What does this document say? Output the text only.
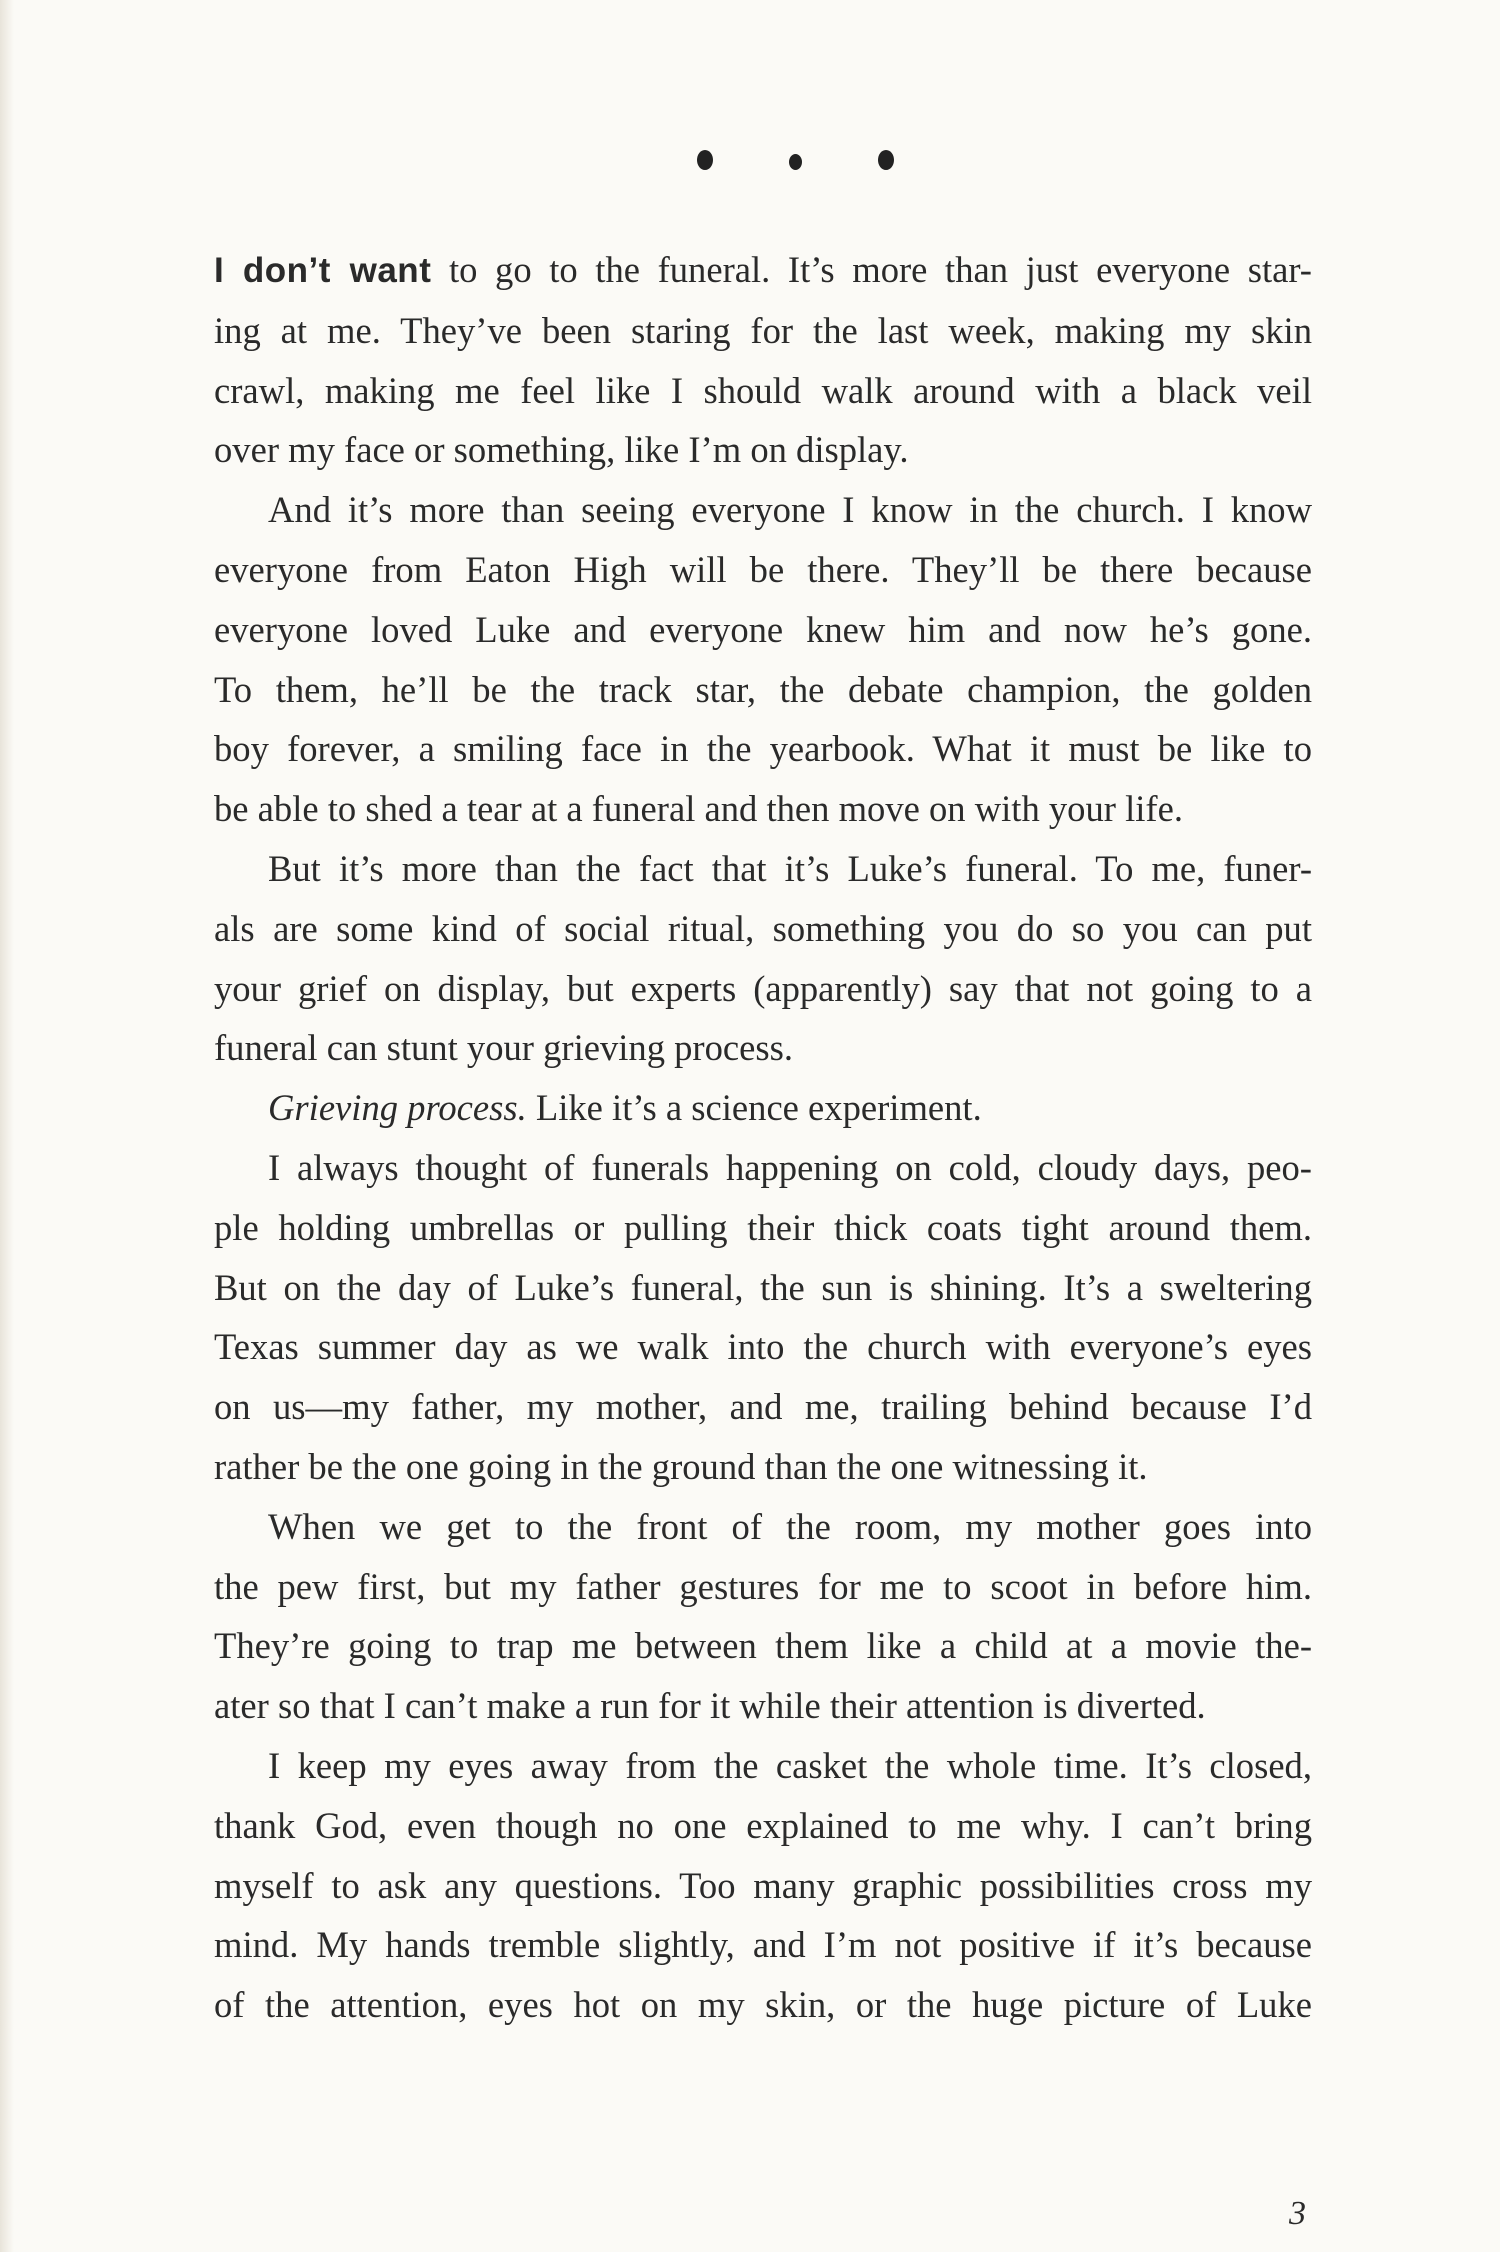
I don’t want to go to the funeral. It’s more than just everyone star-
ing at me. They’ve been staring for the last week, making my skin
crawl, making me feel like I should walk around with a black veil
over my face or something, like I’m on display.

And it’s more than seeing everyone I know in the church. I know
everyone from Eaton High will be there. They’ll be there because
everyone loved Luke and everyone knew him and now he’s gone.
To them, he’ll be the track star, the debate champion, the golden
boy forever, a smiling face in the yearbook. What it must be like to
be able to shed a tear at a funeral and then move on with your life.

But it’s more than the fact that it’s Luke’s funeral. To me, funer-
als are some kind of social ritual, something you do so you can put
your grief on display, but experts (apparently) say that not going to a
funeral can stunt your grieving process.

Grieving process. Like it’s a science experiment.

I always thought of funerals happening on cold, cloudy days, peo-
ple holding umbrellas or pulling their thick coats tight around them.
But on the day of Luke’s funeral, the sun is shining. It’s a sweltering
Texas summer day as we walk into the church with everyone’s eyes
on us—my father, my mother, and me, trailing behind because I’d
rather be the one going in the ground than the one witnessing it.

When we get to the front of the room, my mother goes into
the pew first, but my father gestures for me to scoot in before him.
They’re going to trap me between them like a child at a movie the-
ater so that I can’t make a run for it while their attention is diverted.

I keep my eyes away from the casket the whole time. It’s closed,
thank God, even though no one explained to me why. I can’t bring
myself to ask any questions. Too many graphic possibilities cross my
mind. My hands tremble slightly, and I’m not positive if it’s because
of the attention, eyes hot on my skin, or the huge picture of Luke

3
